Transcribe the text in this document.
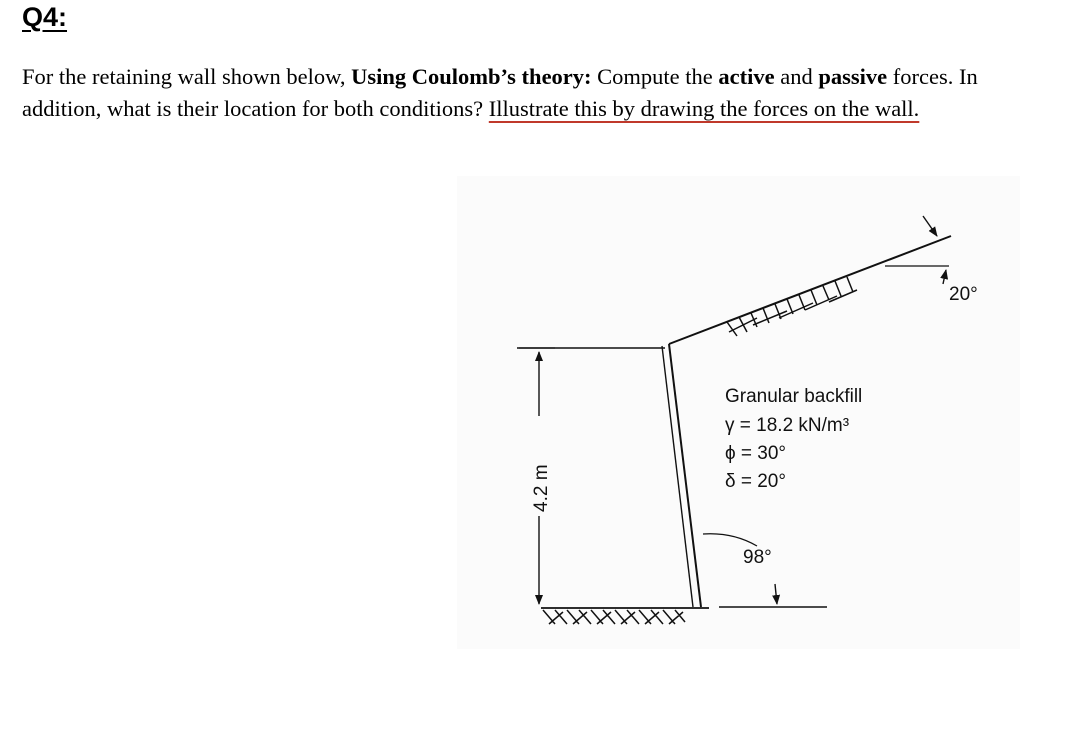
Q4:

For the retaining wall shown below, Using Coulomb’s theory: Compute the active and passive forces. In addition, what is their location for both conditions? Illustrate this by drawing the forces on the wall.

20°
98°
4.2 m
Granular backfill
γ = 18.2 kN/m³
ϕ = 30°
δ = 20°
